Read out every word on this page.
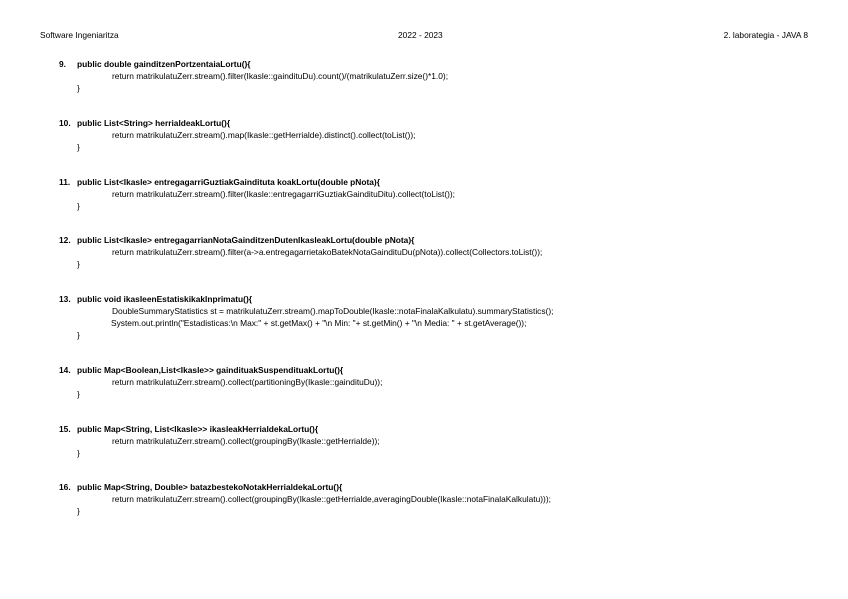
Software Ingeniaritza	2022 - 2023	2. laborategia - JAVA 8
9. public double gainditzenPortzentaiaLortu(){
return matrikulatuZerr.stream().filter(Ikasle::gaindituDu).count()/(matrikulatuZerr.size()*1.0);
}
10. public List<String> herrialdeakLortu(){
return matrikulatuZerr.stream().map(Ikasle::getHerrialde).distinct().collect(toList());
}
11. public List<Ikasle> entregagarriGuztiakGaindituta koakLortu(double pNota){
return matrikulatuZerr.stream().filter(Ikasle::entregagarriGuztiakGaindituDitu).collect(toList());
}
12. public List<Ikasle> entregagarrianNotaGainditzenDutenIkasleakLortu(double pNota){
return matrikulatuZerr.stream().filter(a->a.entregagarrietakoBatekNotaGaindituDu(pNota)).collect(Collectors.toList());
}
13. public void ikasleenEstatiskikakInprimatu(){
DoubleSummaryStatistics st = matrikulatuZerr.stream().mapToDouble(Ikasle::notaFinalaKalkulatu).summaryStatistics();
System.out.println("Estadisticas:\n Max:" + st.getMax() + "\n Min: "+ st.getMin() + "\n Media: " + st.getAverage());
}
14. public Map<Boolean,List<Ikasle>> gaindituakSuspendituakLortu(){
return matrikulatuZerr.stream().collect(partitioningBy(Ikasle::gaindituDu));
}
15. public Map<String, List<Ikasle>> ikasleakHerrialdekaLortu(){
return matrikulatuZerr.stream().collect(groupingBy(Ikasle::getHerrialde));
}
16. public Map<String, Double> batazbestekoNotakHerrialdekaLortu(){
return matrikulatuZerr.stream().collect(groupingBy(Ikasle::getHerrialde,averagingDouble(Ikasle::notaFinalaKalkulatu)));
}
